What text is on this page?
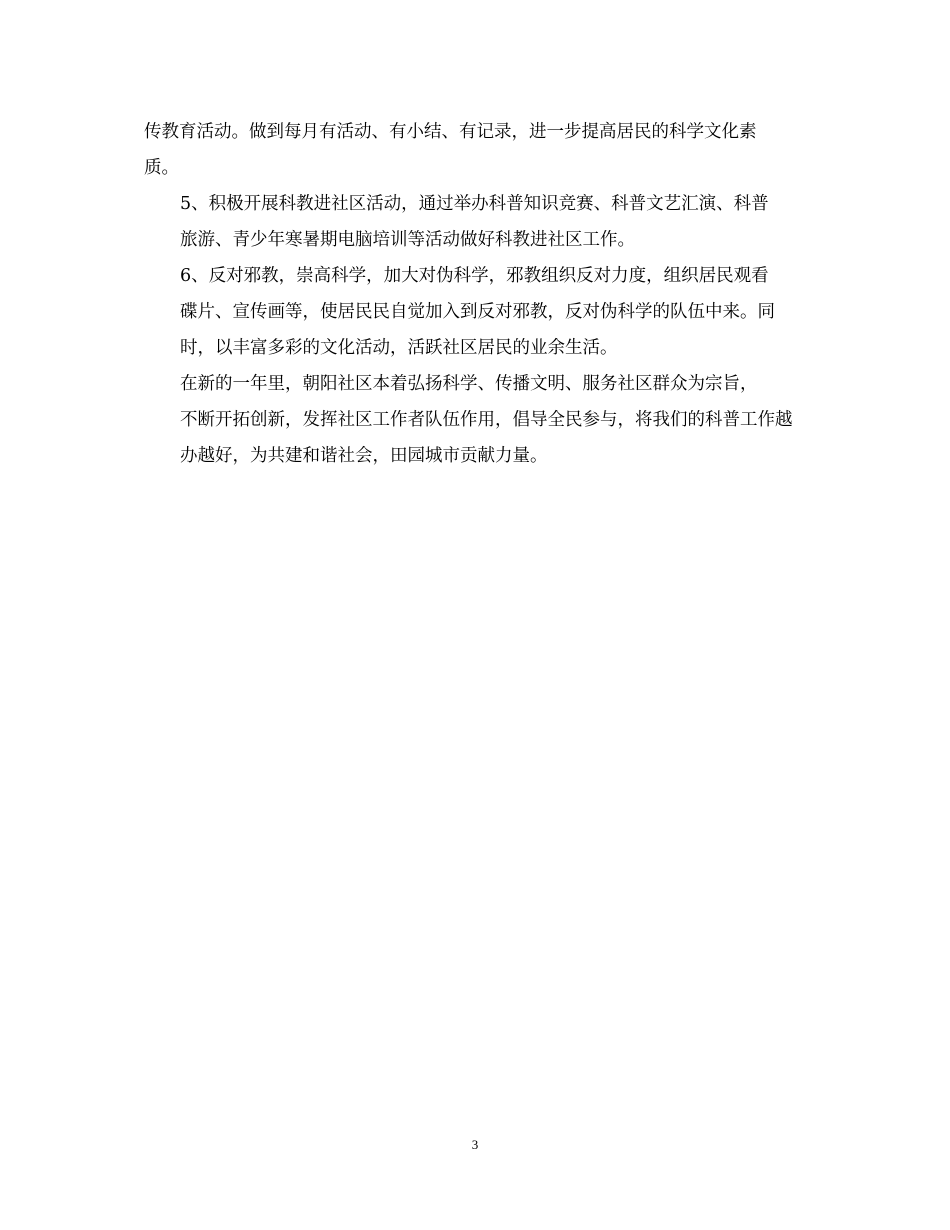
传教育活动。做到每月有活动、有小结、有记录，进一步提高居民的科学文化素
质。

5、积极开展科教进社区活动，通过举办科普知识竞赛、科普文艺汇演、科普
旅游、青少年寒暑期电脑培训等活动做好科教进社区工作。

6、反对邪教，崇高科学，加大对伪科学，邪教组织反对力度，组织居民观看
碟片、宣传画等，使居民民自觉加入到反对邪教，反对伪科学的队伍中来。同
时，以丰富多彩的文化活动，活跃社区居民的业余生活。

在新的一年里，朝阳社区本着弘扬科学、传播文明、服务社区群众为宗旨，
不断开拓创新，发挥社区工作者队伍作用，倡导全民参与，将我们的科普工作越
办越好，为共建和谐社会，田园城市贡献力量。

3
